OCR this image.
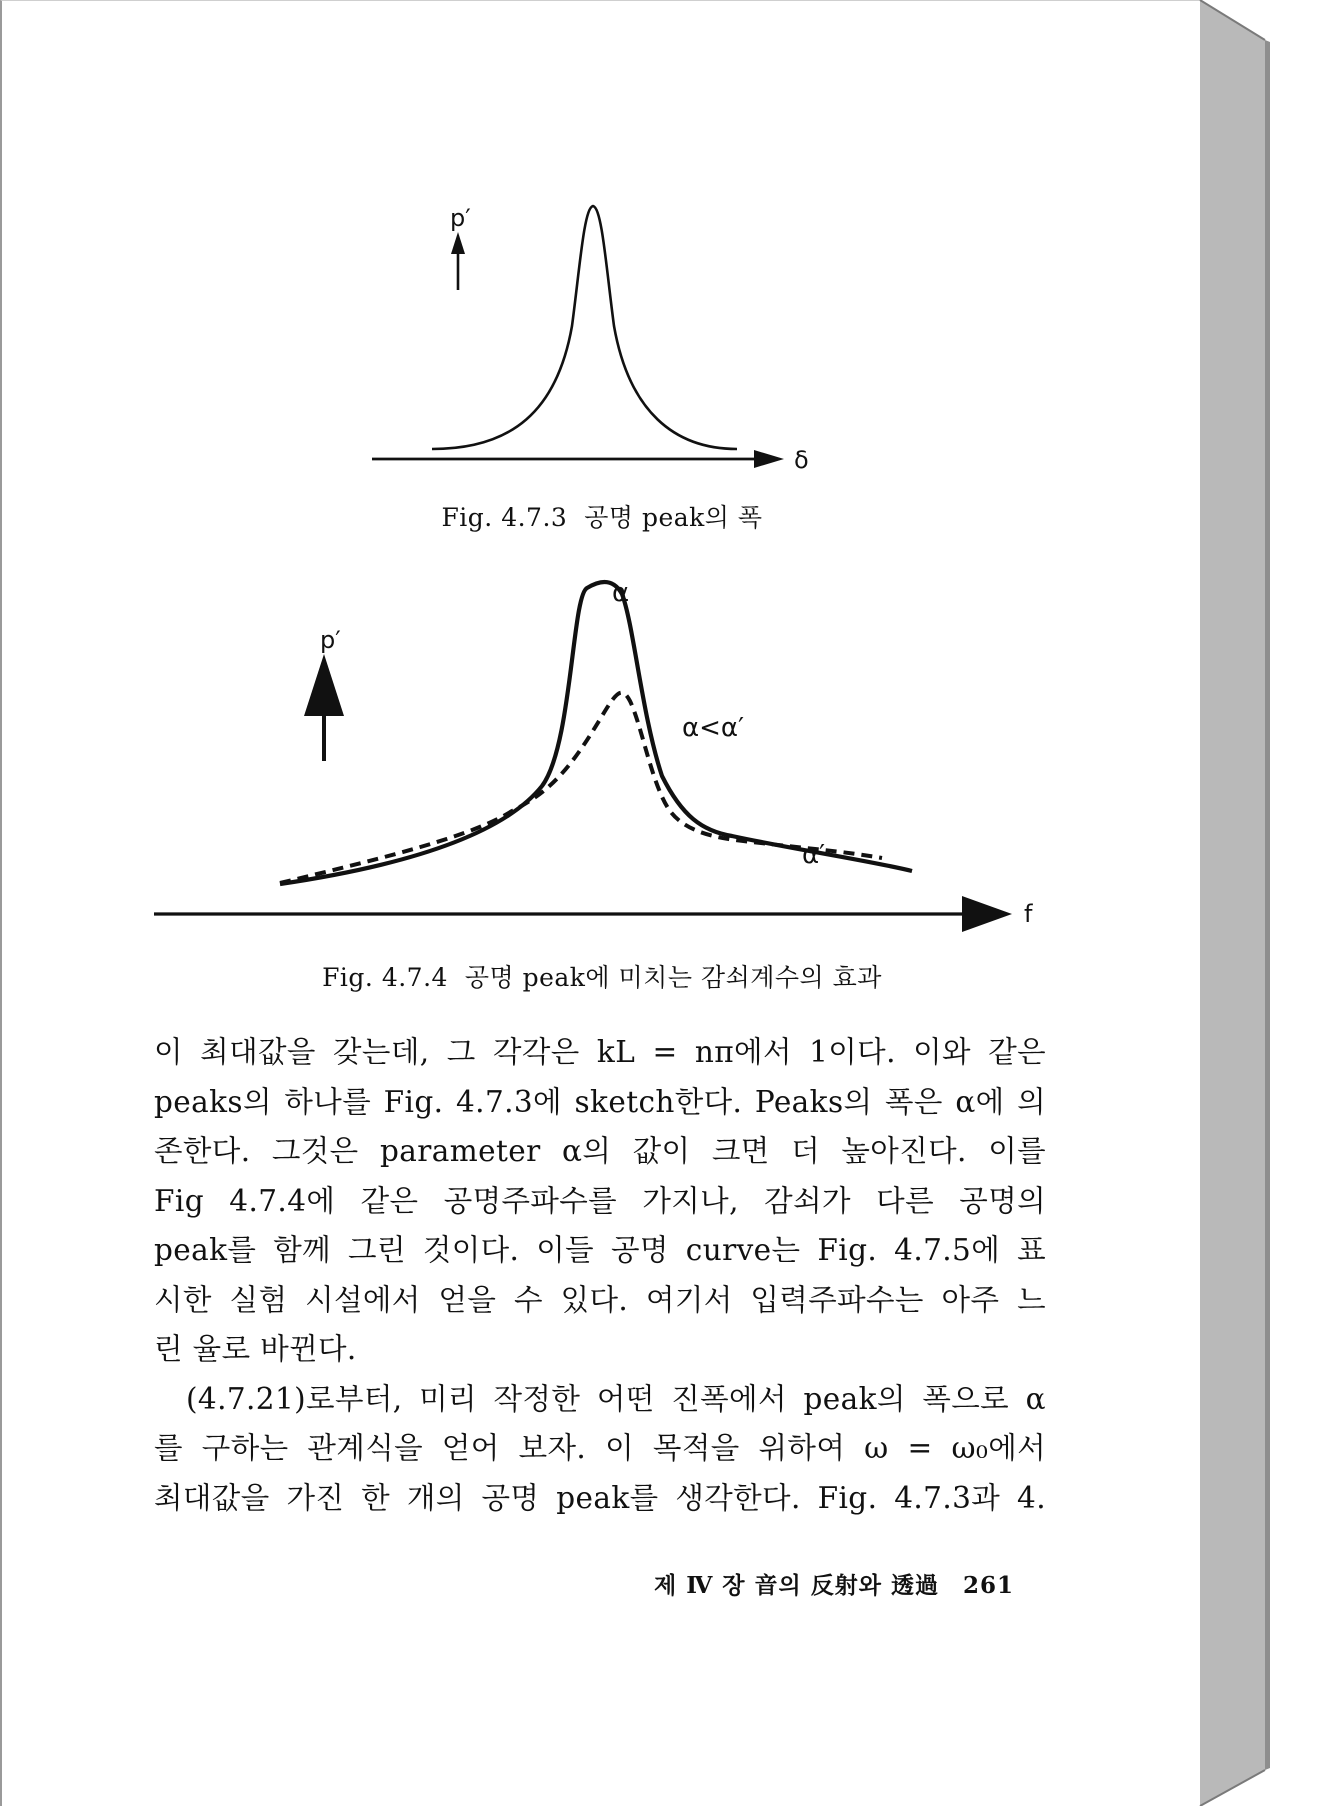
p′
δ
Fig. 4.7.3  공명 peak의 폭
p′
f
α
α<α′
α′
Fig. 4.7.4  공명 peak에 미치는 감쇠계수의 효과

이 최대값을 갖는데, 그 각각은 kL = nπ에서 1이다. 이와 같은

peaks의 하나를 Fig. 4.7.3에 sketch한다. Peaks의 폭은 α에 의

존한다. 그것은 parameter α의 값이 크면 더 높아진다. 이를

Fig 4.7.4에 같은 공명주파수를 가지나, 감쇠가 다른 공명의

peak를 함께 그린 것이다. 이들 공명 curve는 Fig. 4.7.5에 표

시한 실험 시설에서 얻을 수 있다. 여기서 입력주파수는 아주 느

린 율로 바뀐다.

(4.7.21)로부터, 미리 작정한 어떤 진폭에서 peak의 폭으로 α

를 구하는 관계식을 얻어 보자. 이 목적을 위하여 ω = ω₀에서

최대값을 가진 한 개의 공명 peak를 생각한다. Fig. 4.7.3과 4.

제 Ⅳ 장 音의 反射와 透過 261
